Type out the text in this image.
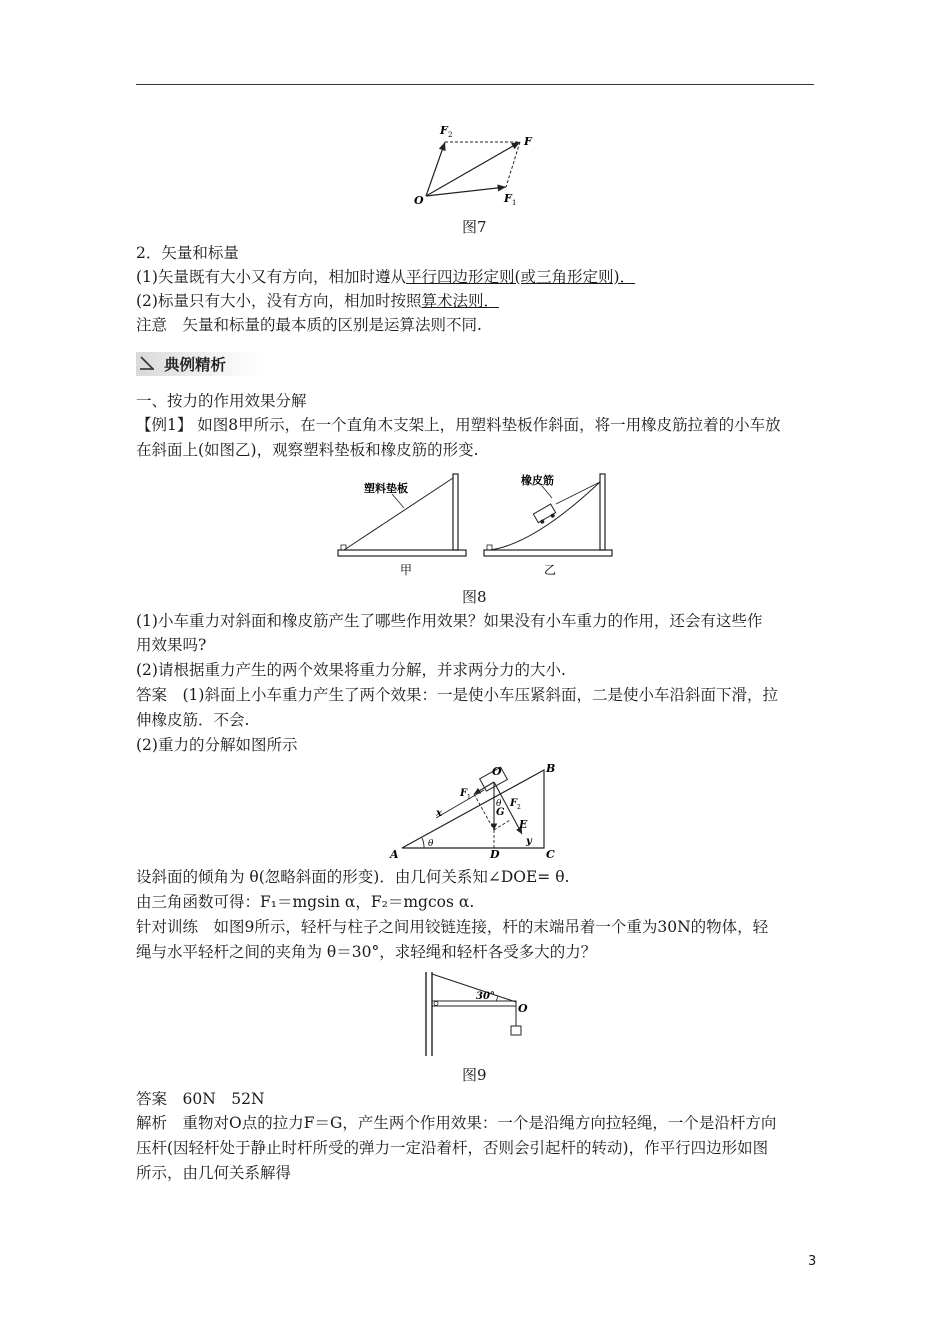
F 2	F
O	F 1
图7
2．矢量和标量
(1)矢量既有大小又有方向，相加时遵从平行四边形定则(或三角形定则)．
(2)标量只有大小，没有方向，相加时按照算术法则．
注意　矢量和标量的最本质的区别是运算法则不同.
典例精析
一、按力的作用效果分解
【例1】 如图8甲所示，在一个直角木支架上，用塑料垫板作斜面，将一用橡皮筋拉着的小车放
在斜面上(如图乙)，观察塑料垫板和橡皮筋的形变.
塑料垫板
甲
橡皮筋
乙
图8
(1)小车重力对斜面和橡皮筋产生了哪些作用效果？如果没有小车重力的作用，还会有这些作
用效果吗?
(2)请根据重力产生的两个效果将重力分解，并求两分力的大小.
答案　(1)斜面上小车重力产生了两个效果：一是使小车压紧斜面，二是使小车沿斜面下滑，拉
伸橡皮筋．不会.
(2)重力的分解如图所示
A
B
C
D
O
E
G
θ
θ
x
y
F 1
F 2
设斜面的倾角为 θ(忽略斜面的形变)．由几何关系知∠DOE= θ.
由三角函数可得：F₁＝mgsin α，F₂＝mgcos α.
针对训练　如图9所示，轻杆与柱子之间用铰链连接，杆的末端吊着一个重为30N的物体，轻
绳与水平轻杆之间的夹角为 θ＝30°，求轻绳和轻杆各受多大的力？
30°
O
图9
答案　60N　52N
解析　重物对O点的拉力F＝G，产生两个作用效果：一个是沿绳方向拉轻绳，一个是沿杆方向
压杆(因轻杆处于静止时杆所受的弹力一定沿着杆，否则会引起杆的转动)，作平行四边形如图
所示，由几何关系解得
3
